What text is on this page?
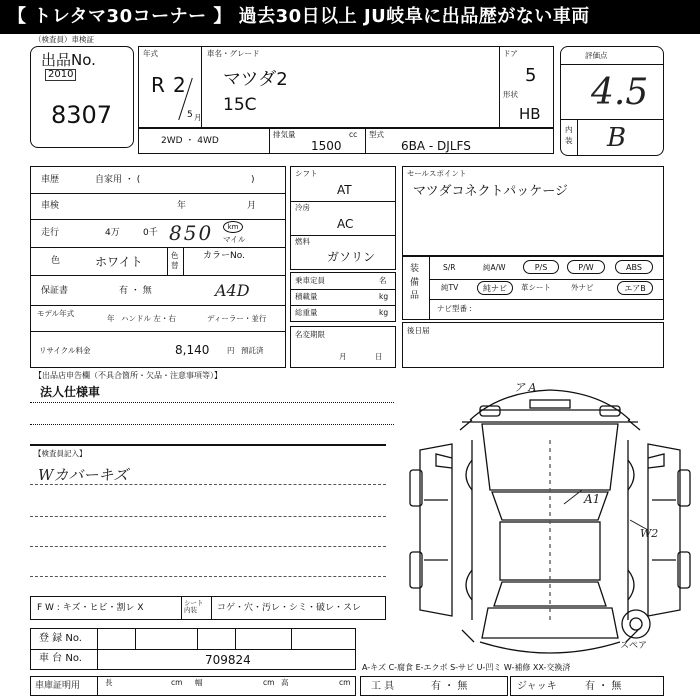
【 トレタマ30コーナー 】 過去30日以上 JU岐阜に出品歴がない車両
（検査員）車検証
出品No.
2010
8307
年式
R 2
5 月
車名・グレード
マツダ2
15C
ドア
5
形状
HB
2WD ・ 4WD
排気量	cc
1500
型式
6BA - DJLFS
評価点
4.5
内装 B
車歴	自家用 ・ (	)
車検	年	月
走行	4万	0千 850	km
マイル
色	ホワイト	色替
カラーNo.
保証書	有 ・ 無	A4D
モデル年式
年 ハンドル 左・右	ディーラー・並行
リサイクル料金	8,140 円 預託済
シフト
AT
冷房
AC
燃料
ガソリン
乗車定員	名
積載量	kg
総重量	kg
名変期限
月	日
セールスポイント
マツダコネクトパッケージ
装備品
S/R	純A/W	P/S	P/W	ABS
純TV	純ナビ	革シート	外ナビ	エアB
ナビ型番 :
後日届
【出品店申告欄（不具合箇所・欠品・注意事項等）】
法人仕様車
【検査員記入】
Wカバーキズ
F W : キズ・ヒビ・割レ X	シート内装	コゲ・穴・汚レ・シミ・破レ・スレ
登 録 No.
車 台 No.	709824
車庫証明用	長	cm 幅	cm 高	cm
ア A
A1
W2
スペア
A-キズ C-腐食 E-エクボ S-サビ U-凹ミ W-補修 XX-交換済
工 具	有 ・ 無	ジャッキ	有 ・ 無
